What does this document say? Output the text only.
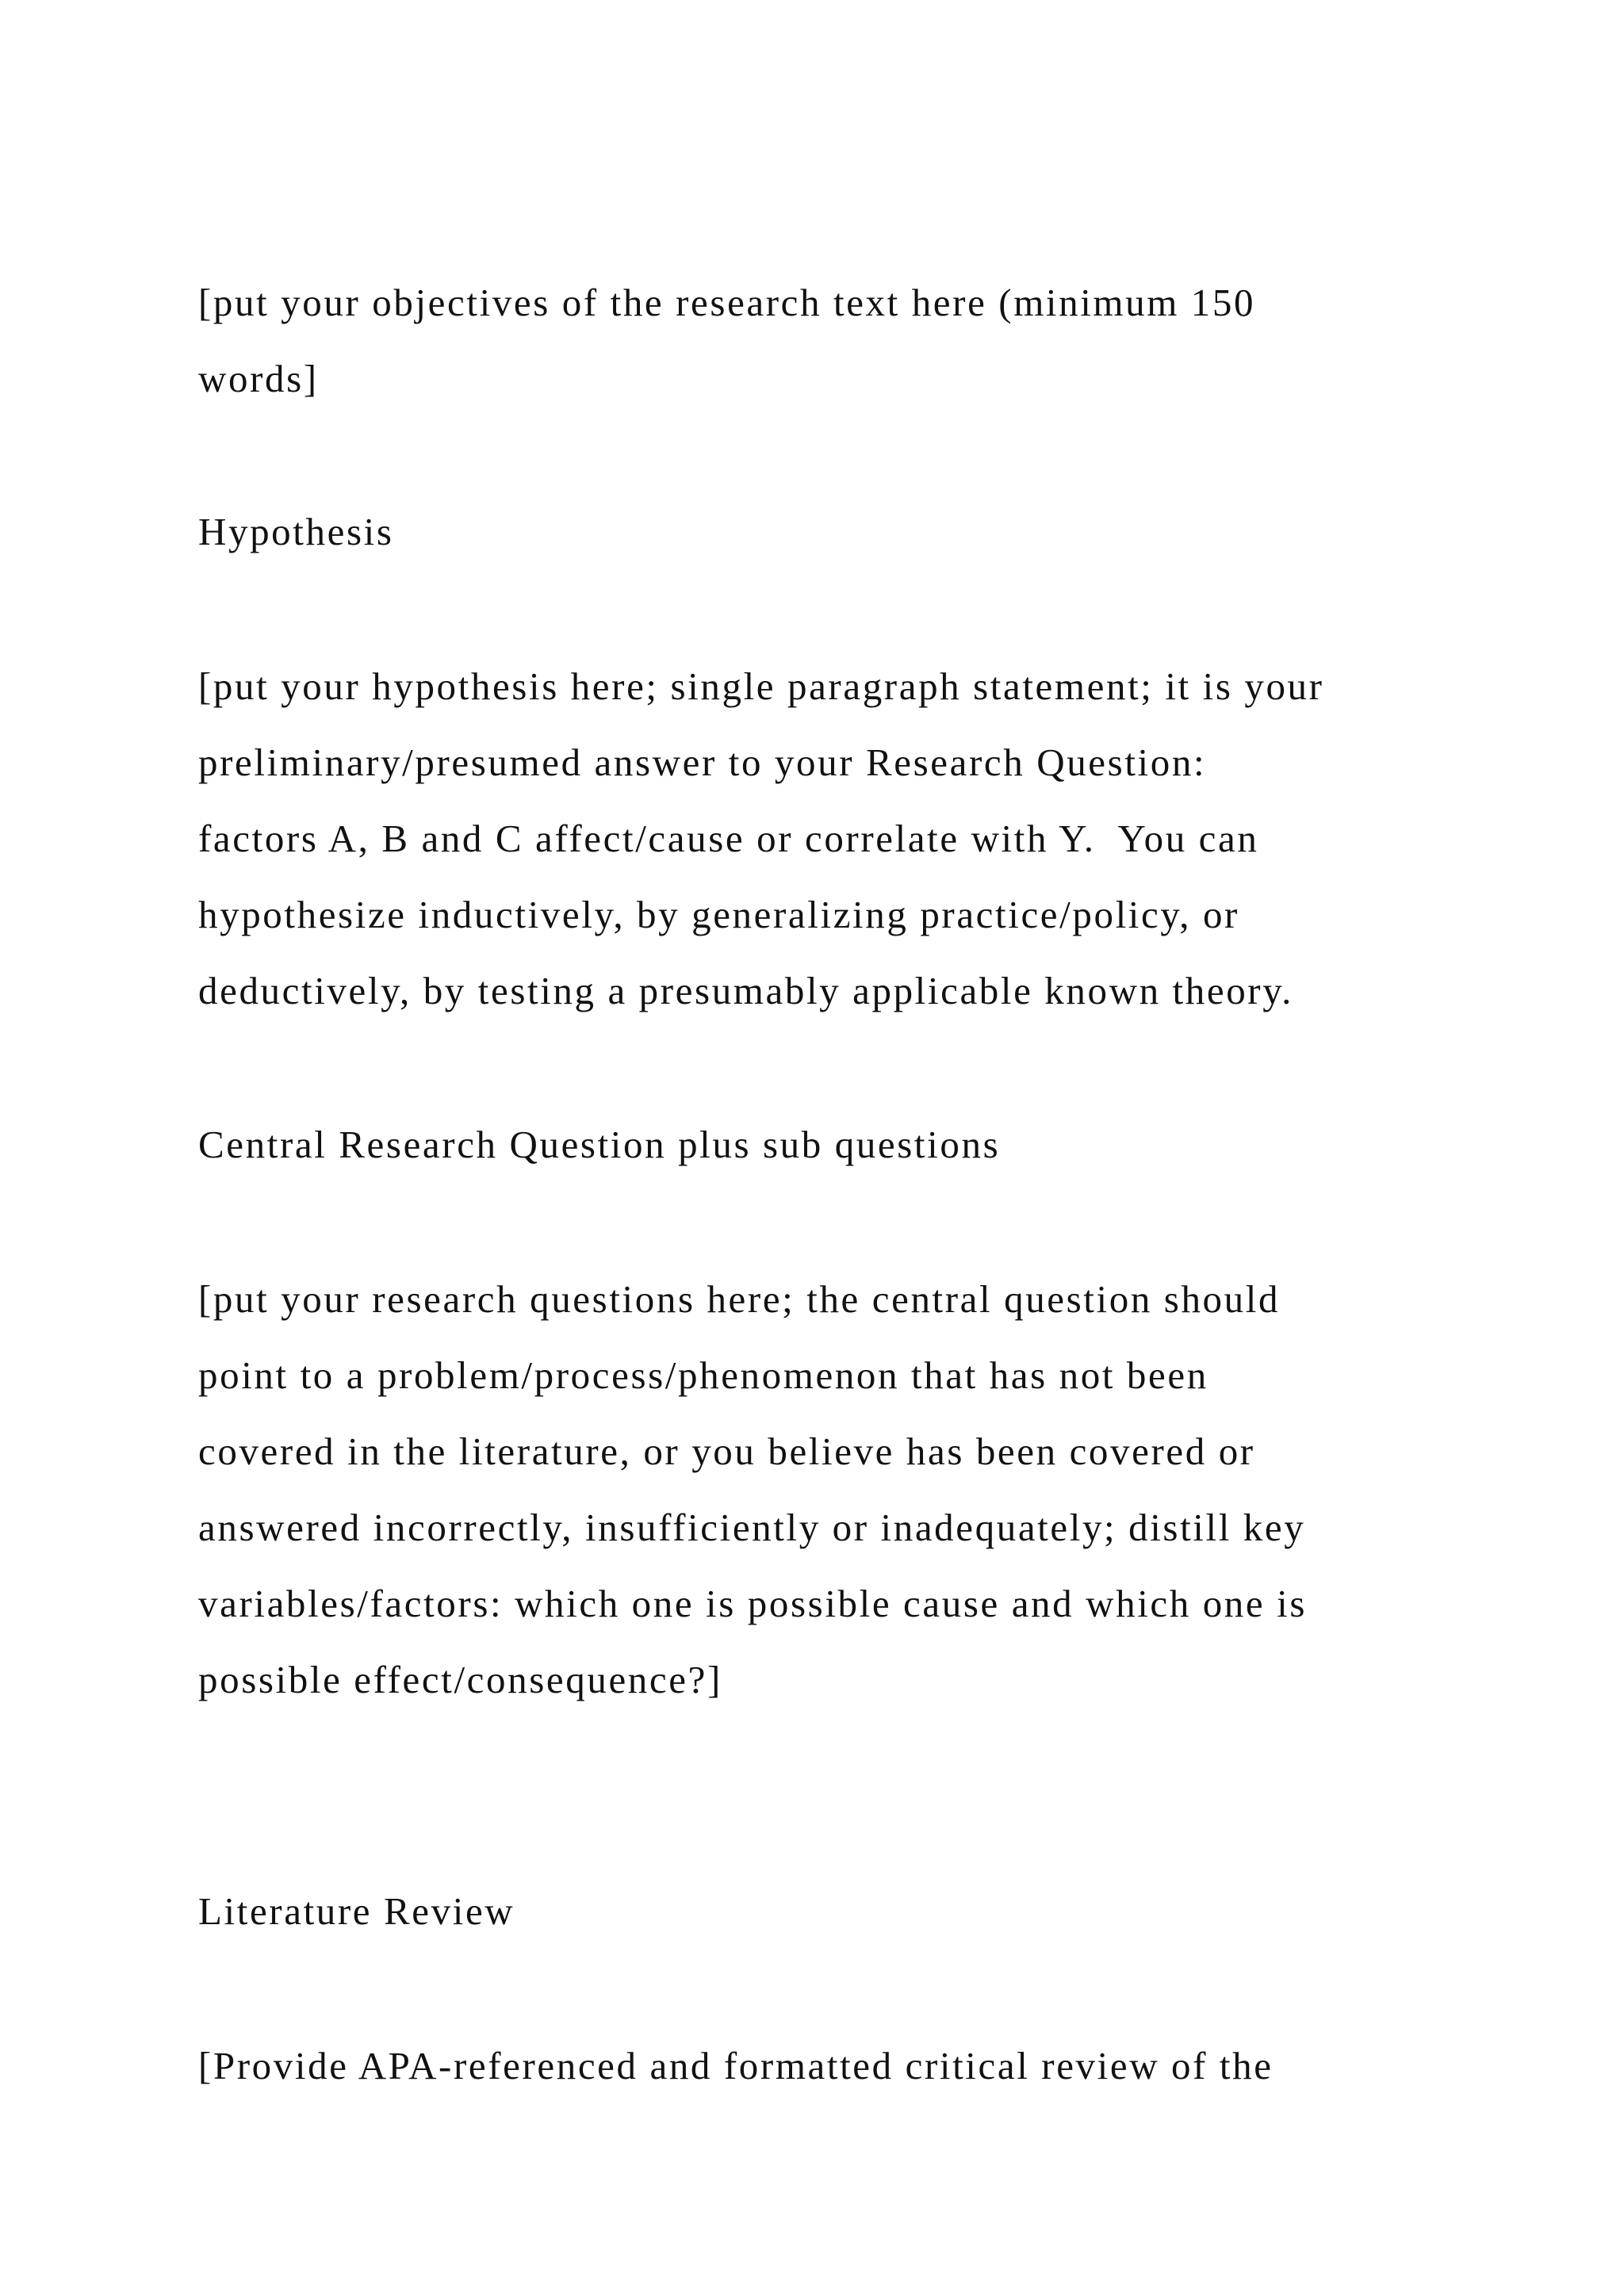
[put your objectives of the research text here (minimum 150
words]
Hypothesis
[put your hypothesis here; single paragraph statement; it is your
preliminary/presumed answer to your Research Question:
factors A, B and C affect/cause or correlate with Y.  You can
hypothesize inductively, by generalizing practice/policy, or
deductively, by testing a presumably applicable known theory.
Central Research Question plus sub questions
[put your research questions here; the central question should
point to a problem/process/phenomenon that has not been
covered in the literature, or you believe has been covered or
answered incorrectly, insufficiently or inadequately; distill key
variables/factors: which one is possible cause and which one is
possible effect/consequence?]
Literature Review
[Provide APA-referenced and formatted critical review of the
